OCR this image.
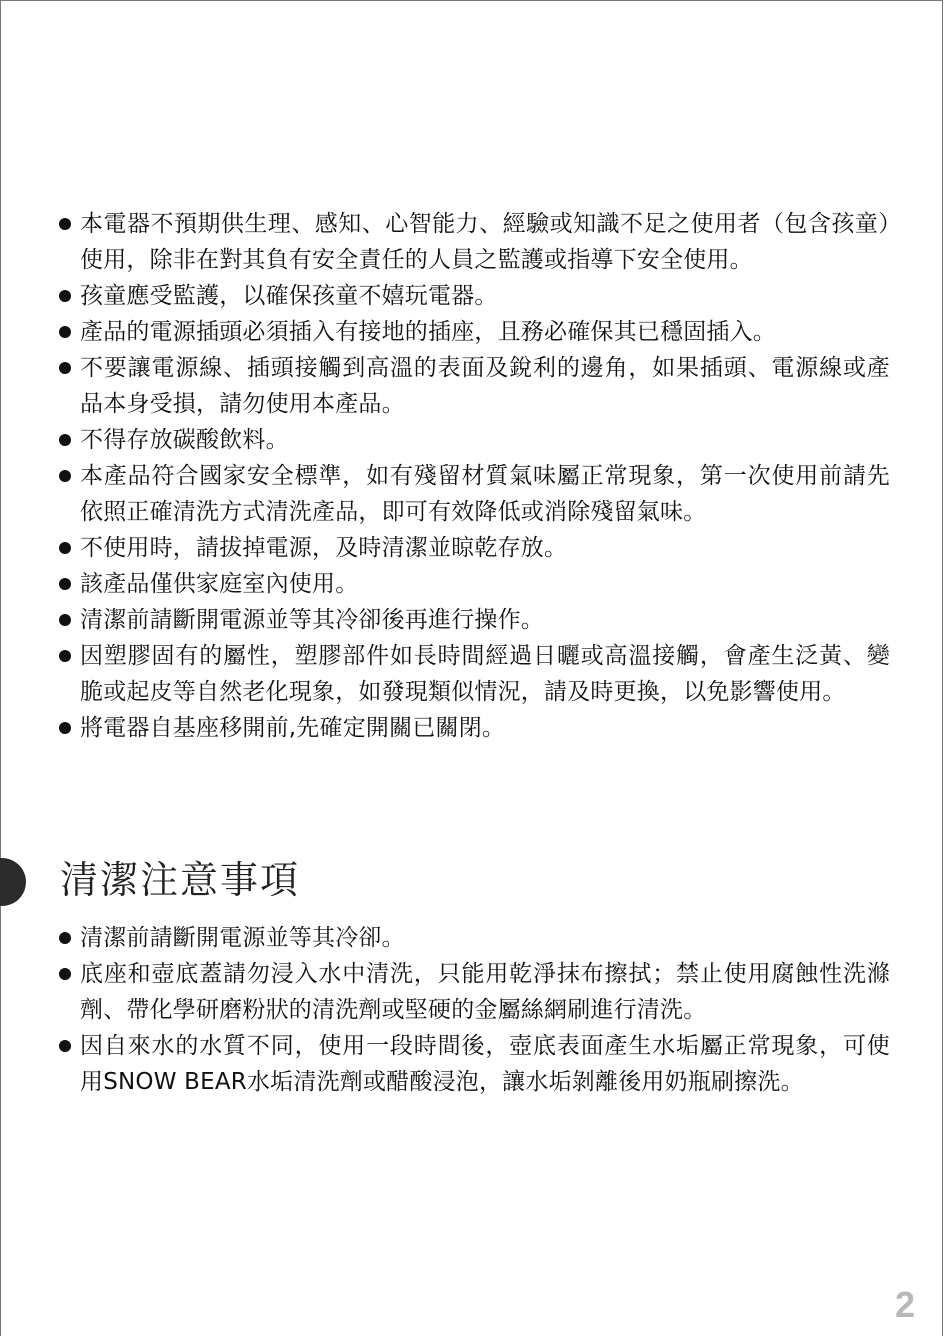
本電器不預期供生理、感知、心智能力、經驗或知識不足之使用者（包含孩童）使用，除非在對其負有安全責任的人員之監護或指導下安全使用。
孩童應受監護，以確保孩童不嬉玩電器。
產品的電源插頭必須插入有接地的插座，且務必確保其已穩固插入。
不要讓電源線、插頭接觸到高溫的表面及銳利的邊角，如果插頭、電源線或產品本身受損，請勿使用本產品。
不得存放碳酸飲料。
本產品符合國家安全標準，如有殘留材質氣味屬正常現象，第一次使用前請先依照正確清洗方式清洗產品，即可有效降低或消除殘留氣味。
不使用時，請拔掉電源，及時清潔並晾乾存放。
該產品僅供家庭室內使用。
清潔前請斷開電源並等其冷卻後再進行操作。
因塑膠固有的屬性，塑膠部件如長時間經過日曬或高溫接觸，會產生泛黃、變脆或起皮等自然老化現象，如發現類似情況，請及時更換，以免影響使用。
將電器自基座移開前,先確定開關已關閉。
清潔注意事項
清潔前請斷開電源並等其冷卻。
底座和壺底蓋請勿浸入水中清洗，只能用乾淨抹布擦拭；禁止使用腐蝕性洗滌劑、帶化學研磨粉狀的清洗劑或堅硬的金屬絲網刷進行清洗。
因自來水的水質不同，使用一段時間後，壺底表面產生水垢屬正常現象，可使用SNOW BEAR水垢清洗劑或醋酸浸泡，讓水垢剝離後用奶瓶刷擦洗。
2
